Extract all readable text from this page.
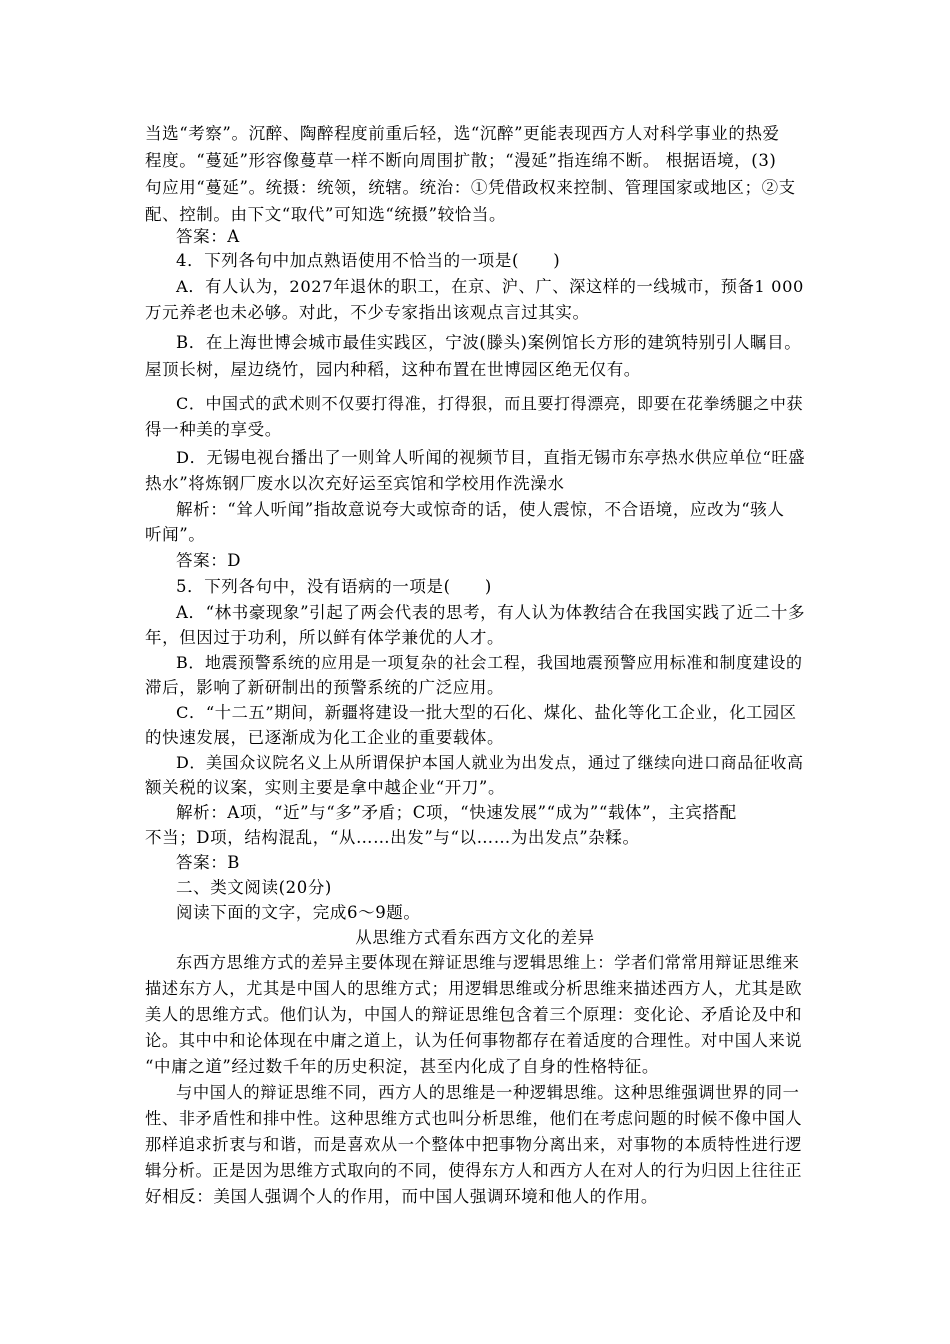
当选“考察”。沉醉、陶醉程度前重后轻，选“沉醉”更能表现西方人对科学事业的热爱
程度。“蔓延”形容像蔓草一样不断向周围扩散；“漫延”指连绵不断。 根据语境，(3)
句应用“蔓延”。统摄：统领，统辖。统治：①凭借政权来控制、管理国家或地区；②支
配、控制。由下文“取代”可知选“统摄”较恰当。
答案：A
4．下列各句中加点熟语使用不恰当的一项是(　　)
A．有人认为，2027年退休的职工，在京、沪、广、深这样的一线城市，预备1 000
万元养老也未必够。对此，不少专家指出该观点言过其实。
B．在上海世博会城市最佳实践区，宁波(滕头)案例馆长方形的建筑特别引人瞩目。
屋顶长树，屋边绕竹，园内种稻，这种布置在世博园区绝无仅有。
C．中国式的武术则不仅要打得准，打得狠，而且要打得漂亮，即要在花拳绣腿之中获
得一种美的享受。
D．无锡电视台播出了一则耸人听闻的视频节目，直指无锡市东亭热水供应单位“旺盛
热水”将炼钢厂废水以次充好运至宾馆和学校用作洗澡水
解析：“耸人听闻”指故意说夸大或惊奇的话，使人震惊，不合语境，应改为“骇人
听闻”。
答案：D
5．下列各句中，没有语病的一项是(　　)
A．“林书豪现象”引起了两会代表的思考，有人认为体教结合在我国实践了近二十多
年，但因过于功利，所以鲜有体学兼优的人才。
B．地震预警系统的应用是一项复杂的社会工程，我国地震预警应用标准和制度建设的
滞后，影响了新研制出的预警系统的广泛应用。
C．“十二五”期间，新疆将建设一批大型的石化、煤化、盐化等化工企业，化工园区
的快速发展，已逐渐成为化工企业的重要载体。
D．美国众议院名义上从所谓保护本国人就业为出发点，通过了继续向进口商品征收高
额关税的议案，实则主要是拿中越企业“开刀”。
解析：A项，“近”与“多”矛盾；C项，“快速发展”“成为”“载体”，主宾搭配
不当；D项，结构混乱，“从……出发”与“以……为出发点”杂糅。
答案：B
二、类文阅读(20分)
阅读下面的文字，完成6～9题。
从思维方式看东西方文化的差异
东西方思维方式的差异主要体现在辩证思维与逻辑思维上：学者们常常用辩证思维来
描述东方人，尤其是中国人的思维方式；用逻辑思维或分析思维来描述西方人，尤其是欧
美人的思维方式。他们认为，中国人的辩证思维包含着三个原理：变化论、矛盾论及中和
论。其中中和论体现在中庸之道上，认为任何事物都存在着适度的合理性。对中国人来说
“中庸之道”经过数千年的历史积淀，甚至内化成了自身的性格特征。
与中国人的辩证思维不同，西方人的思维是一种逻辑思维。这种思维强调世界的同一
性、非矛盾性和排中性。这种思维方式也叫分析思维，他们在考虑问题的时候不像中国人
那样追求折衷与和谐，而是喜欢从一个整体中把事物分离出来，对事物的本质特性进行逻
辑分析。正是因为思维方式取向的不同，使得东方人和西方人在对人的行为归因上往往正
好相反：美国人强调个人的作用，而中国人强调环境和他人的作用。
